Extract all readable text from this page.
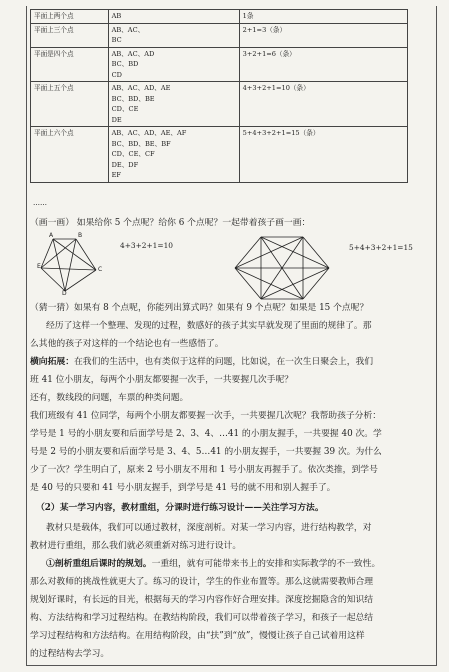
平面上两个点	AB	1条

平面上三个点	AB、AC、
BC	2+1=3（条）

平面是四个点	AB、AC、AD
BC、BD
CD	3+2+1=6（条）

平面上五个点	AB、AC、AD、AE
BC、BD、BE
CD、CE
DE	4+3+2+1=10（条）

平面上六个点	AB、AC、AD、AE、AF
BC、BD、BE、BF
CD、CE、CF
DE、DF
EF	5+4+3+2+1=15（条）
……
（画一画） 如果给你 5 个点呢？给你 6 个点呢？一起带着孩子画一画：
A	B
E	C
D
4+3+2+1=10	5+4+3+2+1=15
（猜一猜）如果有 8 个点呢，你能列出算式吗？如果有 9 个点呢？如果是 15 个点呢？
经历了这样一个整理、发现的过程，数感好的孩子其实早就发现了里面的规律了。那
么其他的孩子对这样的一个结论也有一些感悟了。
横向拓展：在我们的生活中，也有类似于这样的问题，比如说，在一次生日聚会上，我们
班 41 位小朋友，每两个小朋友都要握一次手，一共要握几次手呢？
还有，数线段的问题，车票的种类问题。
我们班级有 41 位同学，每两个小朋友都要握一次手，一共要握几次呢？我帮助孩子分析：
学号是 1 号的小朋友要和后面学号是 2、3、4、…41 的小朋友握手，一共要握 40 次。学
号是 2 号的小朋友要和后面学号是 3、4、5…41 的小朋友握手，一共要握 39 次。为什么
少了一次？学生明白了，原来 2 号小朋友不用和 1 号小朋友再握手了。依次类推，到学号
是 40 号的只要和 41 号小朋友握手，到学号是 41 号的就不用和别人握手了。
（2）某一学习内容，教材重组，分课时进行练习设计——关注学习方法。
教材只是载体，我们可以通过教材，深度剖析。对某一学习内容，进行结构教学，对
教材进行重组，那么我们就必须重新对练习进行设计。
①剖析重组后课时的规划。一重组，就有可能带来书上的安排和实际教学的不一致性。
那么对教师的挑战性就更大了。练习的设计，学生的作业布置等。那么这就需要教师合理
规划好课时，有长远的目光，根据每天的学习内容作好合理安排。深度挖掘隐含的知识结
构、方法结构和学习过程结构。在教结构阶段，我们可以带着孩子学习，和孩子一起总结
学习过程结构和方法结构。在用结构阶段，由“扶”到“放”，慢慢让孩子自己试着用这样
的过程结构去学习。
